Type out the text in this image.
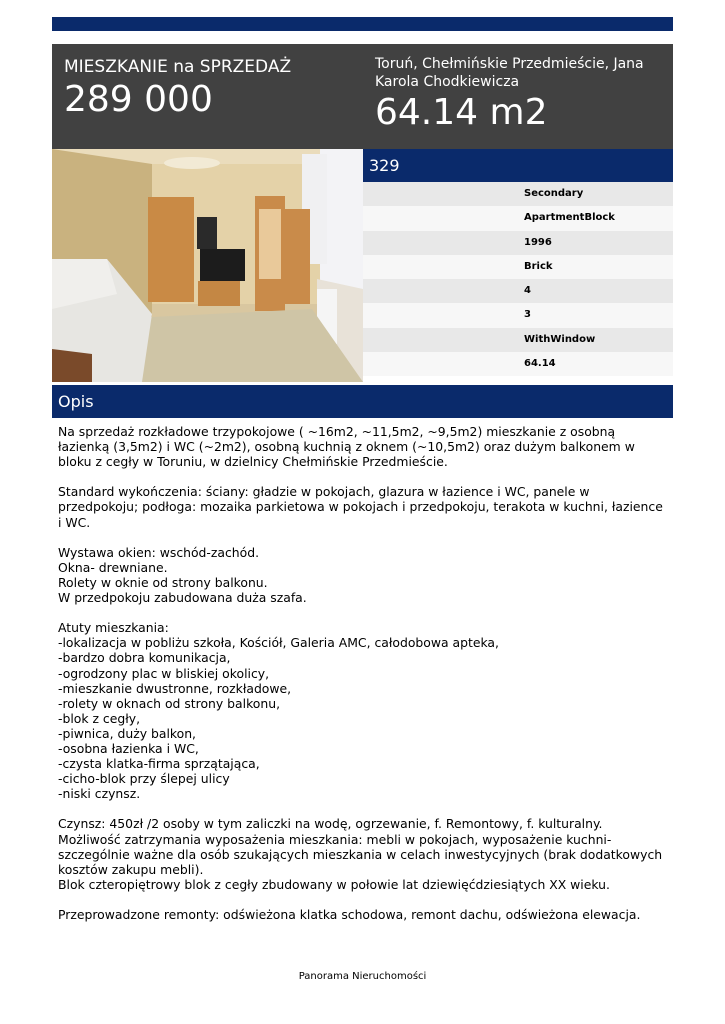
MIESZKANIE na SPRZEDAŻ
289 000
Toruń, Chełmińskie Przedmieście, Jana Karola Chodkiewicza
64.14 m2
329
Secondary
ApartmentBlock
1996
Brick
4
3
WithWindow
64.14
Opis
Na sprzedaż rozkładowe trzypokojowe ( ~16m2, ~11,5m2, ~9,5m2) mieszkanie z osobną łazienką (3,5m2) i WC (~2m2), osobną kuchnią z oknem (~10,5m2) oraz dużym balkonem w bloku z cegły w Toruniu, w dzielnicy Chełmińskie Przedmieście.

Standard wykończenia: ściany: gładzie w pokojach, glazura w łazience i WC, panele w przedpokoju; podłoga: mozaika parkietowa w pokojach i przedpokoju, terakota w kuchni, łazience i WC.

Wystawa okien: wschód-zachód.
Okna- drewniane.
Rolety w oknie od strony balkonu.
W przedpokoju zabudowana duża szafa.

Atuty mieszkania:
-lokalizacja w pobliżu szkoła, Kościół, Galeria AMC, całodobowa apteka,
-bardzo dobra komunikacja,
-ogrodzony plac w bliskiej okolicy,
-mieszkanie dwustronne, rozkładowe,
-rolety w oknach od strony balkonu,
-blok z cegły,
-piwnica, duży balkon,
-osobna łazienka i WC,
-czysta klatka-firma sprzątająca,
-cicho-blok przy ślepej ulicy
-niski czynsz.

Czynsz: 450zł /2 osoby w tym zaliczki na wodę, ogrzewanie, f. Remontowy, f. kulturalny.
Możliwość zatrzymania wyposażenia mieszkania: mebli w pokojach, wyposażenie kuchni- szczególnie ważne dla osób szukających mieszkania w celach inwestycyjnych (brak dodatkowych kosztów zakupu mebli).
Blok czteropiętrowy blok z cegły zbudowany w połowie lat dziewięćdziesiątych XX wieku.

Przeprowadzone remonty: odświeżona klatka schodowa, remont dachu, odświeżona elewacja.
Panorama Nieruchomości
